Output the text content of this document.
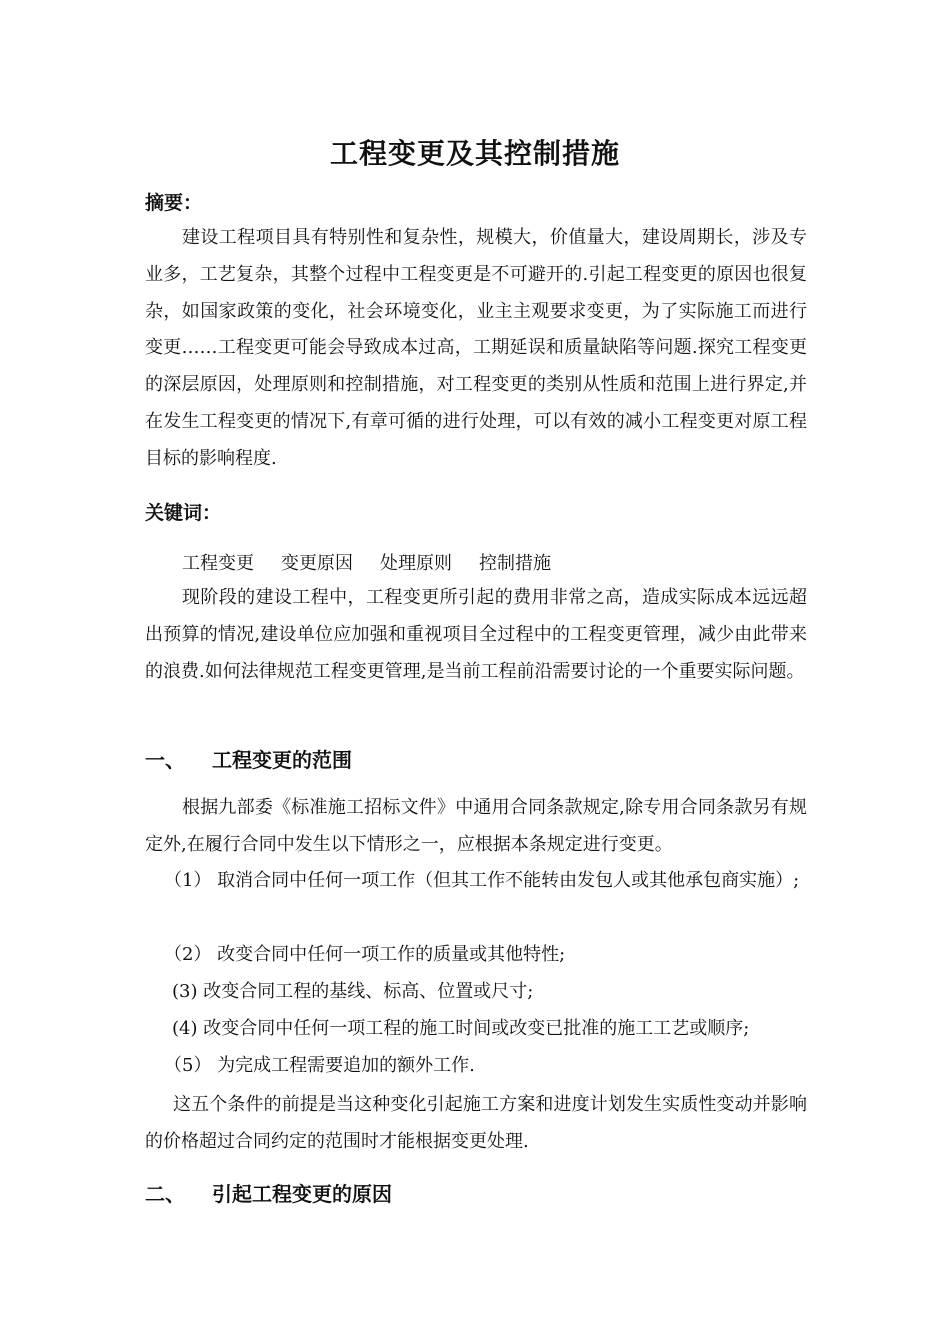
工程变更及其控制措施
摘要：

建设工程项目具有特别性和复杂性，规模大，价值量大，建设周期长，涉及专业多，工艺复杂，其整个过程中工程变更是不可避开的.引起工程变更的原因也很复杂，如国家政策的变化，社会环境变化，业主主观要求变更，为了实际施工而进行变更……工程变更可能会导致成本过高，工期延误和质量缺陷等问题.探究工程变更的深层原因，处理原则和控制措施，对工程变更的类别从性质和范围上进行界定,并在发生工程变更的情况下,有章可循的进行处理，可以有效的减小工程变更对原工程目标的影响程度.

关键词：
工程变更 变更原因 处理原则 控制措施

现阶段的建设工程中，工程变更所引起的费用非常之高，造成实际成本远远超出预算的情况,建设单位应加强和重视项目全过程中的工程变更管理，减少由此带来的浪费.如何法律规范工程变更管理,是当前工程前沿需要讨论的一个重要实际问题。

一、 工程变更的范围

根据九部委《标准施工招标文件》中通用合同条款规定,除专用合同条款另有规定外,在履行合同中发生以下情形之一，应根据本条规定进行变更。

（1） 取消合同中任何一项工作（但其工作不能转由发包人或其他承包商实施）;
（2） 改变合同中任何一项工作的质量或其他特性;
(3) 改变合同工程的基线、标高、位置或尺寸;
(4) 改变合同中任何一项工程的施工时间或改变已批准的施工工艺或顺序;
（5） 为完成工程需要追加的额外工作.

这五个条件的前提是当这种变化引起施工方案和进度计划发生实质性变动并影响的价格超过合同约定的范围时才能根据变更处理.

二、 引起工程变更的原因
